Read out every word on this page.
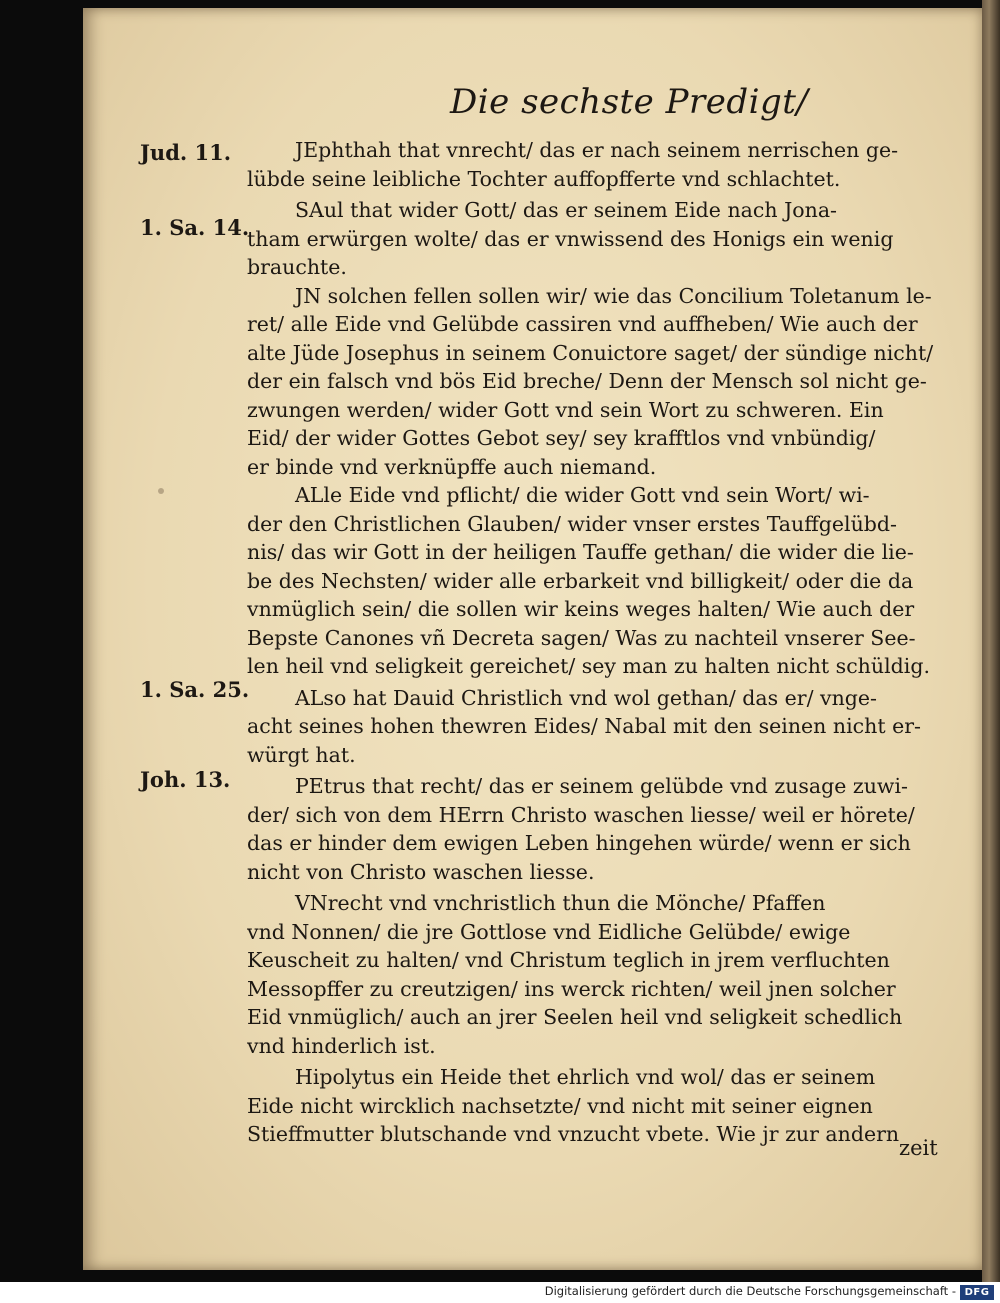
Die sechste Predigt/
Jud. 11.
1. Sa. 14.
1. Sa. 25.
Joh. 13.
JEphthah that vnrecht/ das er nach seinem nerrischen ge-
lübde seine leibliche Tochter auffopfferte vnd schlachtet.
SAul that wider Gott/ das er seinem Eide nach Jona-
tham erwürgen wolte/ das er vnwissend des Honigs ein wenig
brauchte.
JN solchen fellen sollen wir/ wie das Concilium Toletanum le-
ret/ alle Eide vnd Gelübde cassiren vnd auffheben/ Wie auch der
alte Jüde Josephus in seinem Conuictore saget/ der sündige nicht/
der ein falsch vnd bös Eid breche/ Denn der Mensch sol nicht ge-
zwungen werden/ wider Gott vnd sein Wort zu schweren. Ein
Eid/ der wider Gottes Gebot sey/ sey krafftlos vnd vnbündig/
er binde vnd verknüpffe auch niemand.
ALle Eide vnd pflicht/ die wider Gott vnd sein Wort/ wi-
der den Christlichen Glauben/ wider vnser erstes Tauffgelübd-
nis/ das wir Gott in der heiligen Tauffe gethan/ die wider die lie-
be des Nechsten/ wider alle erbarkeit vnd billigkeit/ oder die da
vnmüglich sein/ die sollen wir keins weges halten/ Wie auch der
Bepste Canones vñ Decreta sagen/ Was zu nachteil vnserer See-
len heil vnd seligkeit gereichet/ sey man zu halten nicht schüldig.
ALso hat Dauid Christlich vnd wol gethan/ das er/ vnge-
acht seines hohen thewren Eides/ Nabal mit den seinen nicht er-
würgt hat.
PEtrus that recht/ das er seinem gelübde vnd zusage zuwi-
der/ sich von dem HErrn Christo waschen liesse/ weil er hörete/
das er hinder dem ewigen Leben hingehen würde/ wenn er sich
nicht von Christo waschen liesse.
VNrecht vnd vnchristlich thun die Mönche/ Pfaffen
vnd Nonnen/ die jre Gottlose vnd Eidliche Gelübde/ ewige
Keuscheit zu halten/ vnd Christum teglich in jrem verfluchten
Messopffer zu creutzigen/ ins werck richten/ weil jnen solcher
Eid vnmüglich/ auch an jrer Seelen heil vnd seligkeit schedlich
vnd hinderlich ist.
Hipolytus ein Heide thet ehrlich vnd wol/ das er seinem
Eide nicht wircklich nachsetzte/ vnd nicht mit seiner eignen
Stieffmutter blutschande vnd vnzucht vbete. Wie jr zur andern
zeit
Digitalisierung gefördert durch die Deutsche Forschungsgemeinschaft - DFG
